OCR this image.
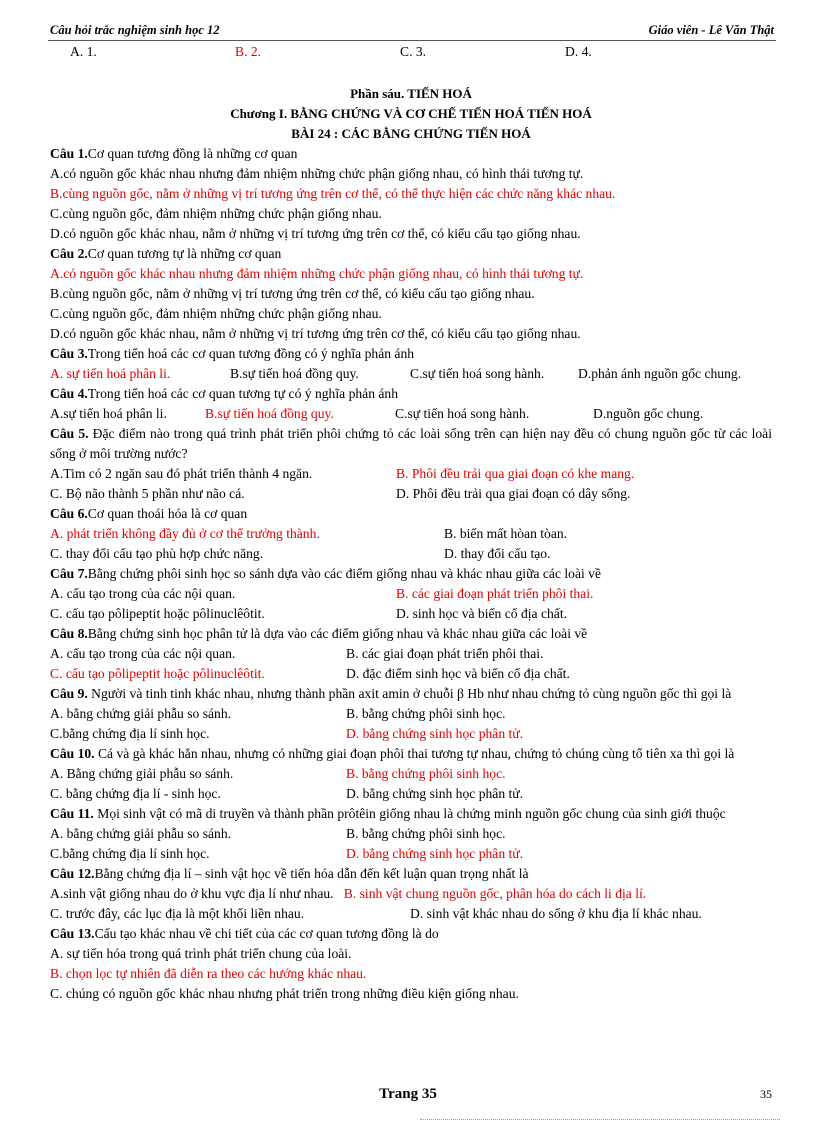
Câu hỏi trắc nghiệm sinh học 12	Giáo viên - Lê Văn Thật
A. 1.	B. 2.	C. 3.	D. 4.
Phần sáu. TIẾN HOÁ
Chương I. BẰNG CHỨNG VÀ CƠ CHẾ TIẾN HOÁ TIẾN HOÁ
BÀI 24 : CÁC BẰNG CHỨNG TIẾN HOÁ
Câu 1. Cơ quan tương đồng là những cơ quan
A.có nguồn gốc khác nhau nhưng đảm nhiệm những chức phận giống nhau, có hình thái tương tự.
B.cùng nguồn gốc, nằm ở những vị trí tương ứng trên cơ thể, có thể thực hiện các chức năng khác nhau.
C.cùng nguồn gốc, đảm nhiệm những chức phận giống nhau.
D.có nguồn gốc khác nhau, nằm ở những vị trí tương ứng trên cơ thể, có kiểu cấu tạo giống nhau.
Câu 2. Cơ quan tương tự là những cơ quan
A.có nguồn gốc khác nhau nhưng đảm nhiệm những chức phận giống nhau, có hình thái tương tự.
B.cùng nguồn gốc, nằm ở những vị trí tương ứng trên cơ thể, có kiểu cấu tạo giống nhau.
C.cùng nguồn gốc, đảm nhiệm những chức phận giống nhau.
D.có nguồn gốc khác nhau, nằm ở những vị trí tương ứng trên cơ thể, có kiểu cấu tạo giống nhau.
Câu 3. Trong tiến hoá các cơ quan tương đồng có ý nghĩa phản ánh
A. sự tiến hoá phân li.	B.sự tiến hoá đồng quy.	C.sự tiến hoá song hành.	D.phản ánh nguồn gốc chung.
Câu 4. Trong tiến hoá các cơ quan tương tự có ý nghĩa phản ánh
A.sự tiến hoá phân li.	B.sự tiến hoá đồng quy.	C.sự tiến hoá song hành.	D.nguồn gốc chung.
Câu 5. Đặc điểm nào trong quá trình phát triển phôi chứng tỏ các loài sống trên cạn hiện nay đều có chung nguồn gốc từ các loài sống ở môi trường nước?
A.Tim có 2 ngăn sau đó phát triển thành 4 ngăn.	B. Phôi đều trải qua giai đoạn có khe mang.
C. Bộ não thành 5 phần như não cá.	D. Phôi đều trải qua giai đoạn có dây sống.
Câu 6. Cơ quan thoái hóa là cơ quan
A. phát triển không đầy đủ ở cơ thể trưởng thành.	B. biến mất hòan tòan.
C. thay đổi cấu tạo phù hợp chức năng.	D. thay đổi cấu tạo.
Câu 7. Bằng chứng phôi sinh học so sánh dựa vào các điểm giống nhau và khác nhau giữa các loài về
A. cấu tạo trong của các nội quan.	B. các giai đoạn phát triển phôi thai.
C. cấu tạo pôlipeptit hoặc pôlinuclêôtit.	D. sinh học và biến cố địa chất.
Câu 8. Bằng chứng sinh học phân tử là dựa vào các điểm giống nhau và khác nhau giữa các loài về
A. cấu tạo trong của các nội quan.	B. các giai đoạn phát triển phôi thai.
C. cấu tạo pôlipeptit hoặc pôlinuclêôtit.	D. đặc điểm sinh học và biến cố địa chất.
Câu 9. Người và tinh tinh khác nhau, nhưng thành phần axit amin ở chuỗi β Hb như nhau chứng tỏ cùng nguồn gốc thì gọi là
A. bằng chứng giải phẫu so sánh.	B. bằng chứng phôi sinh học.
C.bằng chứng địa lí sinh học.	D. bằng chứng sinh học phân tử.
Câu 10. Cá và gà khác hẳn nhau, nhưng có những giai đoạn phôi thai tương tự nhau, chứng tỏ chúng cùng tổ tiên xa thì gọi là
A. Bằng chứng giải phẫu so sánh.	B. bằng chứng phôi sinh học.
C. bằng chứng địa lí - sinh học.	D. bằng chứng sinh học phân tử.
Câu 11. Mọi sinh vật có mã di truyền và thành phần prôtêin giống nhau là chứng minh nguồn gốc chung của sinh giới thuộc
A. bằng chứng giải phẫu so sánh.	B. bằng chứng phôi sinh học.
C.bằng chứng địa lí sinh học.	D. bằng chứng sinh học phân tử.
Câu 12. Bằng chứng địa lí – sinh vật học về tiến hóa dẫn đến kết luận quan trọng nhất là
A.sinh vật giống nhau do ở khu vực địa lí như nhau. B. sinh vật chung nguồn gốc, phân hóa do cách li địa lí.
C. trước đây, các lục địa là một khối liền nhau.	D. sinh vật khác nhau do sống ở khu địa lí khác nhau.
Câu 13. Cấu tạo khác nhau về chi tiết của các cơ quan tương đồng là do
A. sự tiến hóa trong quá trình phát triển chung của loài.
B. chọn lọc tự nhiên đã diễn ra theo các hướng khác nhau.
C. chúng có nguồn gốc khác nhau nhưng phát triển trong những điều kiện giống nhau.
Trang 35	35
